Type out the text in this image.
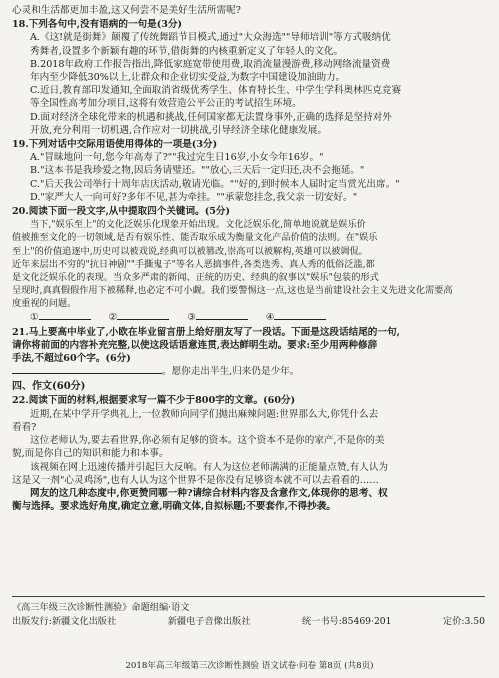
心灵和生活都更加丰盈,这又何尝不是美好生活所需呢?
18.下列各句中,没有语病的一句是(3分)
A.《这!就是街舞》颠覆了传统舞蹈节目模式,通过"大众海选""导师培训"等方式吸纳优
秀舞者,设置多个新颖有趣的环节,借街舞的内核重新定义了年轻人的文化。
B.2018年政府工作报告指出,降低家庭宽带使用费,取消流量漫游费,移动网络流量资费
年内至少降低30%以上,让群众和企业切实受益,为数字中国建设加油助力。
C.近日,教育部印发通知,全面取消省级优秀学生、体育特长生、中学生学科奥林匹克竞赛
等全国性高考加分项目,这将有效营造公平公正的考试招生环境。
D.面对经济全球化带来的机遇和挑战,任何国家都无法置身事外,正确的选择是坚持对外
开放,充分利用一切机遇,合作应对一切挑战,引导经济全球化健康发展。
19.下列对话中交际用语使用得体的一项是(3分)
A."冒昧地问一句,您今年高寿了?""我过完生日16岁,小女今年16岁。"
B."这本书是我珍爱之物,因后务请璧还。""放心,三天后一定归还,决不会拖延。"
C."后天我公司举行十周年店庆活动,敬请光临。""好的,到时候本人届时定当赏光出席。"
D."家严大人一向可好?多年不见,甚为牵挂。""承蒙您挂念,我父亲一切安好。"
20.阅读下面一段文字,从中提取四个关键词。(5分)
当下,"娱乐至上"的文化泛娱乐化现象开始出现。文化泛娱乐化,简单地说就是娱乐价
值被推至文化的一切领域,是否有娱乐性、能否取乐成为衡量文化产品价值的法则。在"娱乐
至上"的价值追逐中,历史可以被戏说,经典可以被篡改,崇高可以被解构,英雄可以被调侃。
近年来层出不穷的"抗日神剧""手撕鬼子"等名人恶搞事件,各类选秀、真人秀的低俗泛滥,都
是文化泛娱乐化的表现。当众多严肃的新闻、正统的历史、经典的叙事以"娱乐"包装的形式
呈现时,真真假假作用下被稀释,也必定不可小觑。我们要警惕这一点,这也是当前建设社会主义先进文化需要高
度重视的问题。
①	②	③	④
21.马上要高中毕业了,小欧在毕业留言册上给好朋友写了一段话。下面是这段话结尾的一句,
请你将前面的内容补充完整,以使这段话语意连贯,表达鲜明生动。要求:至少用两种修辞
手法,不超过60个字。(6分)
。愿你走出半生,归来仍是少年。
四、作文(60分)
22.阅读下面的材料,根据要求写一篇不少于800字的文章。(60分)
近期,在某中学开学典礼上,一位教师向同学们抛出麻辣问题:世界那么大,你凭什么去
看看?
这位老师认为,要去看世界,你必须有足够的资本。这个资本不是你的家产,不是你的美
貌,而是你自己的知识和能力和本事。
该视频在网上迅速传播并引起巨大反响。有人为这位老师满满的正能量点赞,有人认为
这是又一剂"心灵鸡汤",也有人认为这个世界不是你没有足够资本就不可以去看看的……
网友的这几种态度中,你更赞同哪一种?请综合材料内容及含意作文,体现你的思考、权
衡与选择。要求选好角度,确定立意,明确文体,自拟标题;不要套作,不得抄袭。
《高三年级三次诊断性测验》命题组编·语文
出版发行:新疆文化出版社	新疆电子音像出版社	统一书号:85469·201	定价:3.50
2018年高三年级第三次诊断性测验 语文试卷·问卷 第8页 (共8页)
